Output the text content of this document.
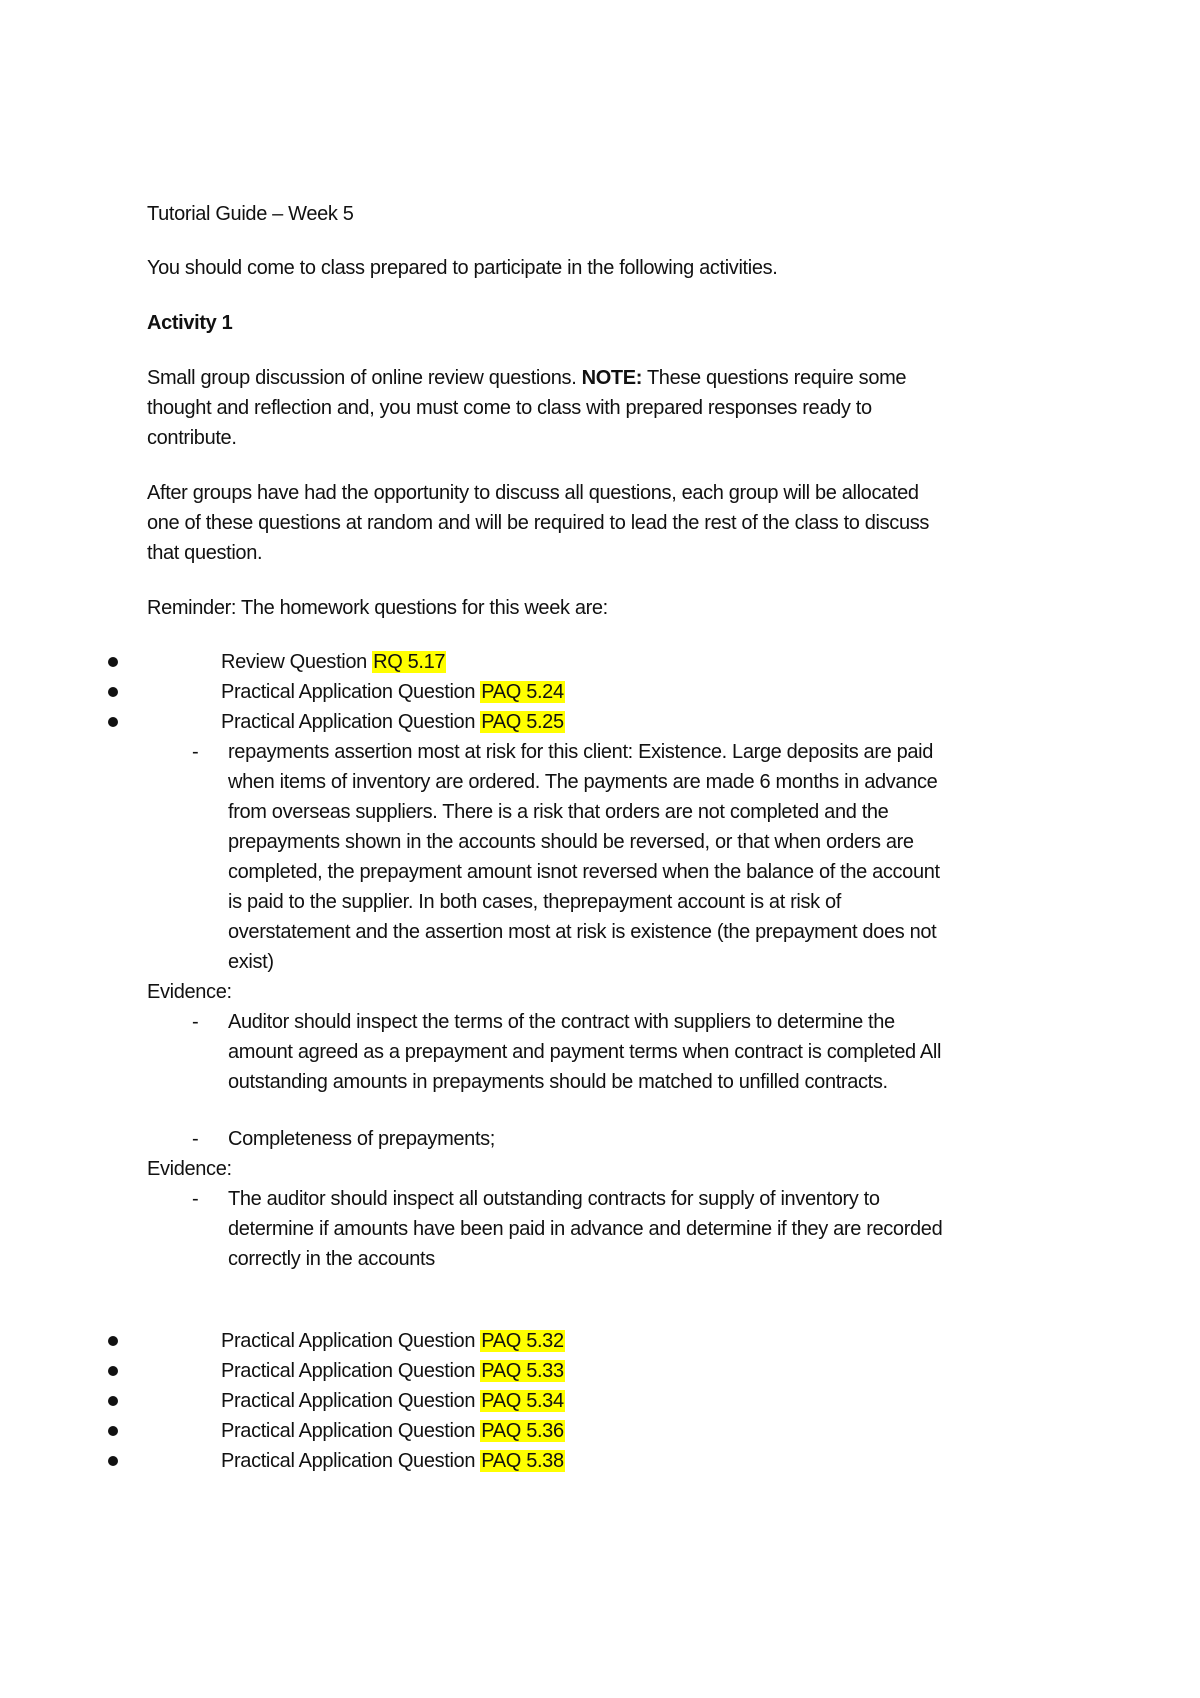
Tutorial Guide – Week 5

You should come to class prepared to participate in the following activities.

Activity 1

Small group discussion of online review questions. NOTE: These questions require some

thought and reflection and, you must come to class with prepared responses ready to

contribute.

After groups have had the opportunity to discuss all questions, each group will be allocated

one of these questions at random and will be required to lead the rest of the class to discuss

that question.

Reminder: The homework questions for this week are:

Review Question RQ 5.17

Practical Application Question PAQ 5.24

Practical Application Question PAQ 5.25

- repayments assertion most at risk for this client: Existence. Large deposits are paid

when items of inventory are ordered. The payments are made 6 months in advance

from overseas suppliers. There is a risk that orders are not completed and the

prepayments shown in the accounts should be reversed, or that when orders are

completed, the prepayment amount isnot reversed when the balance of the account

is paid to the supplier. In both cases, theprepayment account is at risk of

overstatement and the assertion most at risk is existence (the prepayment does not

exist)

Evidence:

- Auditor should inspect the terms of the contract with suppliers to determine the

amount agreed as a prepayment and payment terms when contract is completed All

outstanding amounts in prepayments should be matched to unfilled contracts.

- Completeness of prepayments;

Evidence:

- The auditor should inspect all outstanding contracts for supply of inventory to

determine if amounts have been paid in advance and determine if they are recorded

correctly in the accounts

Practical Application Question PAQ 5.32

Practical Application Question PAQ 5.33

Practical Application Question PAQ 5.34

Practical Application Question PAQ 5.36

Practical Application Question PAQ 5.38
